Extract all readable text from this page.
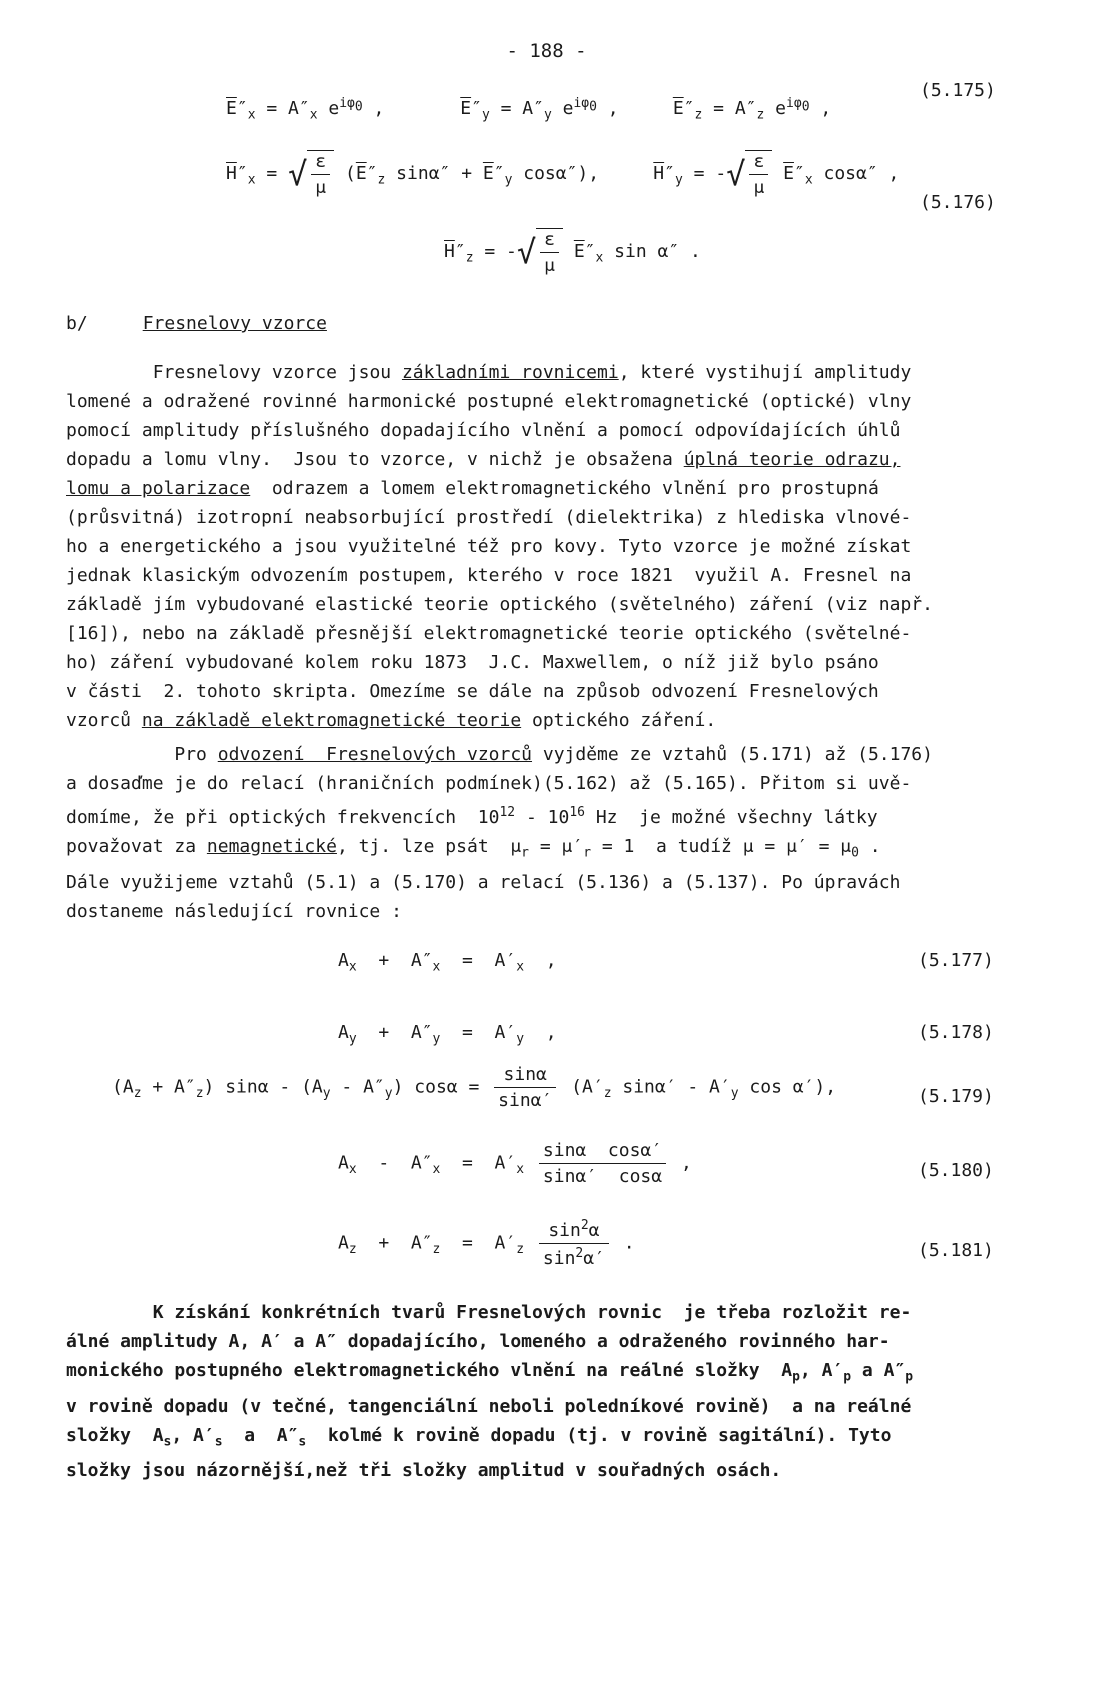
- 188 -
$\overline{E}''_x = A''_x$ $e^{i\varphi_0}$ ,       $\overline{E}''_y = A''_y$ $e^{i\varphi_0}$ ,     $\overline{E}''_z = A''_z$ $e^{i\varphi_0}$ ,
(5.175)
$\overline{H}''_x$ = √ $\frac{\varepsilon}{\mu} (\overline{E}''_z$ $\sin\alpha'' + \overline{E}''_y$ cosα″),     $\overline{H}''_y$ = -√ $\frac{\varepsilon}{\mu} \overline{E}''_x$ cosα″ ,
$\overline{H}''_z$ = -√ $\frac{\varepsilon}{\mu} \overline{E}''_x$ sin α″ .
(5.176)
b/	Fresnelovy vzorce
Fresnelovy vzorce jsou základními rovnicemi, které vystihují amplitudy
lomené a odražené rovinné harmonické postupné elektromagnetické (optické) vlny
pomocí amplitudy příslušného dopadajícího vlnění a pomocí odpovídajících úhlů
dopadu a lomu vlny.  Jsou to vzorce, v nichž je obsažena úplná teorie odrazu,
lomu a polarizace  odrazem a lomem elektromagnetického vlnění pro prostupná
(průsvitná) izotropní neabsorbující prostředí (dielektrika) z hlediska vlnové-
ho a energetického a jsou využitelné též pro kovy. Tyto vzorce je možné získat
jednak klasickým odvozením postupem, kterého v roce 1821  využil A. Fresnel na
základě jím vybudované elastické teorie optického (světelného) záření (viz např.
[16]), nebo na základě přesnější elektromagnetické teorie optického (světelné-
ho) záření vybudované kolem roku 1873  J.C. Maxwellem, o níž již bylo psáno
v části  2. tohoto skripta. Omezíme se dále na způsob odvození Fresnelových
vzorců na základě elektromagnetické teorie optického záření.
Pro odvození  Fresnelových vzorců vyjděme ze vztahů (5.171) až (5.176)
a dosaďme je do relací (hraničních podmínek)(5.162) až (5.165). Přitom si uvě-
domíme, že při optických frekvencích  $10^{12} - 10^{16}$ Hz  je možné všechny látky
považovat za nemagnetické, tj. lze psát  $\mu_r = \mu'_r = 1$  a tudíž $\mu = \mu' = \mu_0$ .
Dále využijeme vztahů (5.1) a (5.170) a relací (5.136) a (5.137). Po úpravách
dostaneme následující rovnice :
$A_x + A''_x = A'_x$  ,	(5.177)
$A_y + A''_y = A'_y$  ,	(5.178)
$(A_z + A''_z)$ $\sin\alpha - (A_y - A''_y) \cos\alpha = \frac{\sin\alpha}{\sin\alpha'} (A'_z$ $\sin\alpha' - A'_y$ cos α′),	(5.179)
$A_x - A''_x = A'_x \frac{\text{sinα  cosα′}}{\sin\alpha' \cos\alpha}$ ,	(5.180)
$A_z + A''_z = A'_z \frac{\sin^2\alpha}{\sin^2\alpha'}$ .	(5.181)
K získání konkrétních tvarů Fresnelových rovnic  je třeba rozložit re-
álné amplitudy A, A′ a A″ dopadajícího, lomeného a odraženého rovinného har-
monického postupného elektromagnetického vlnění na reálné složky  $A_p$, $A'_p$ a $A''_p$
v rovině dopadu (v tečné, tangenciální neboli poledníkové rovině)  a na reálné
složky  $A_s$, $A'_s$  a  $A''_s$  kolmé k rovině dopadu (tj. v rovině sagitální). Tyto
složky jsou názornější,než tři složky amplitud v souřadných osách.
